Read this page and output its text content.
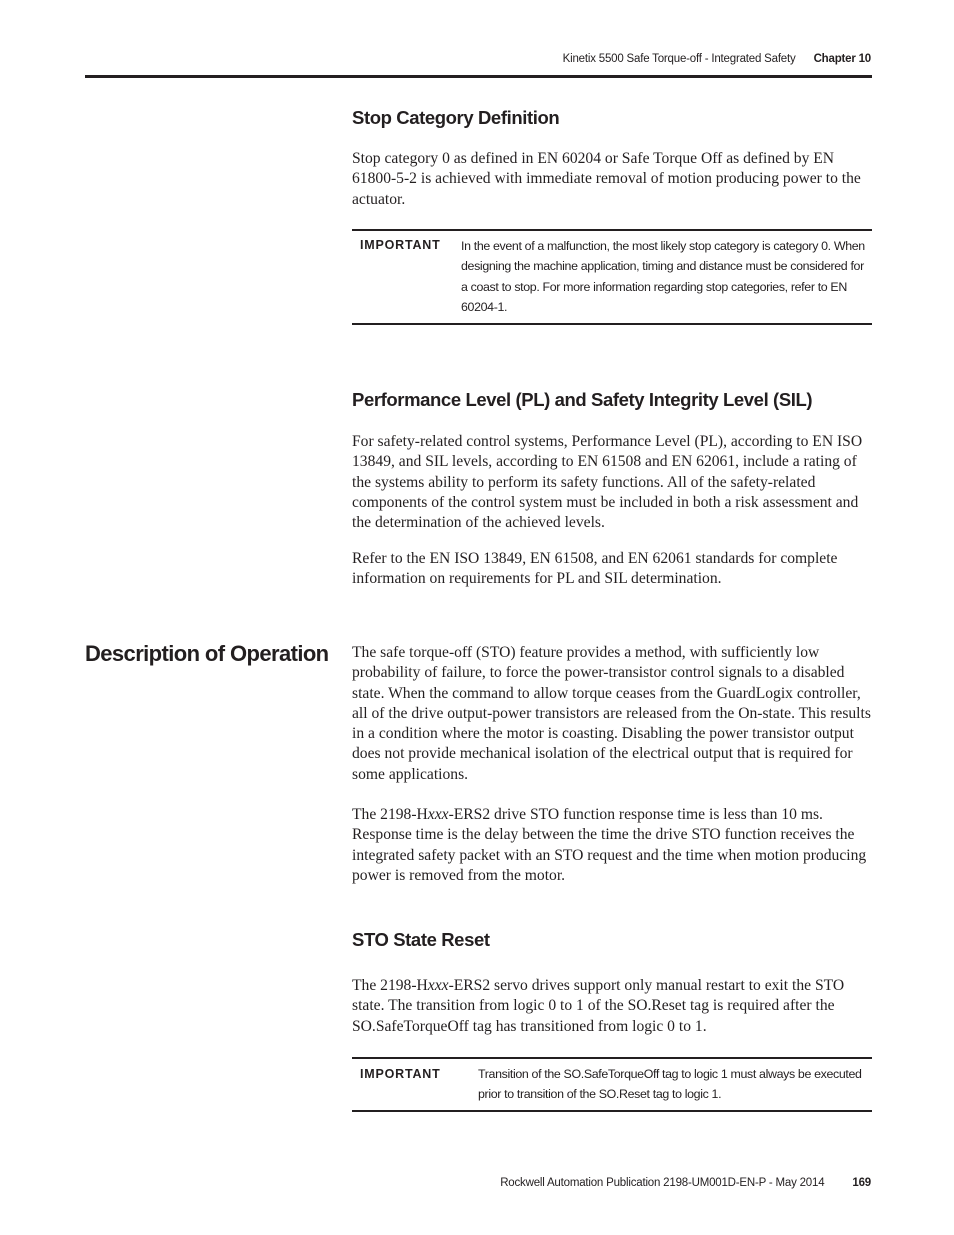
Kinetix 5500 Safe Torque-off - Integrated Safety Chapter 10
Stop Category Definition

Stop category 0 as defined in EN 60204 or Safe Torque Off as defined by EN 61800-5-2 is achieved with immediate removal of motion producing power to the actuator.

IMPORTANT In the event of a malfunction, the most likely stop category is category 0. When designing the machine application, timing and distance must be considered for a coast to stop. For more information regarding stop categories, refer to EN 60204-1.
Performance Level (PL) and Safety Integrity Level (SIL)

For safety-related control systems, Performance Level (PL), according to EN ISO 13849, and SIL levels, according to EN 61508 and EN 62061, include a rating of the systems ability to perform its safety functions. All of the safety-related components of the control system must be included in both a risk assessment and the determination of the achieved levels.

Refer to the EN ISO 13849, EN 61508, and EN 62061 standards for complete information on requirements for PL and SIL determination.

Description of Operation The safe torque-off (STO) feature provides a method, with sufficiently low probability of failure, to force the power-transistor control signals to a disabled state. When the command to allow torque ceases from the GuardLogix controller, all of the drive output-power transistors are released from the On-state. This results in a condition where the motor is coasting. Disabling the power transistor output does not provide mechanical isolation of the electrical output that is required for some applications.

The 2198-Hxxx-ERS2 drive STO function response time is less than 10 ms. Response time is the delay between the time the drive STO function receives the integrated safety packet with an STO request and the time when motion producing power is removed from the motor.

STO State Reset

The 2198-Hxxx-ERS2 servo drives support only manual restart to exit the STO state. The transition from logic 0 to 1 of the SO.Reset tag is required after the SO.SafeTorqueOff tag has transitioned from logic 0 to 1.

IMPORTANT	Transition of the SO.SafeTorqueOff tag to logic 1 must always be executed prior to transition of the SO.Reset tag to logic 1.
Rockwell Automation Publication 2198-UM001D-EN-P - May 2014 169
